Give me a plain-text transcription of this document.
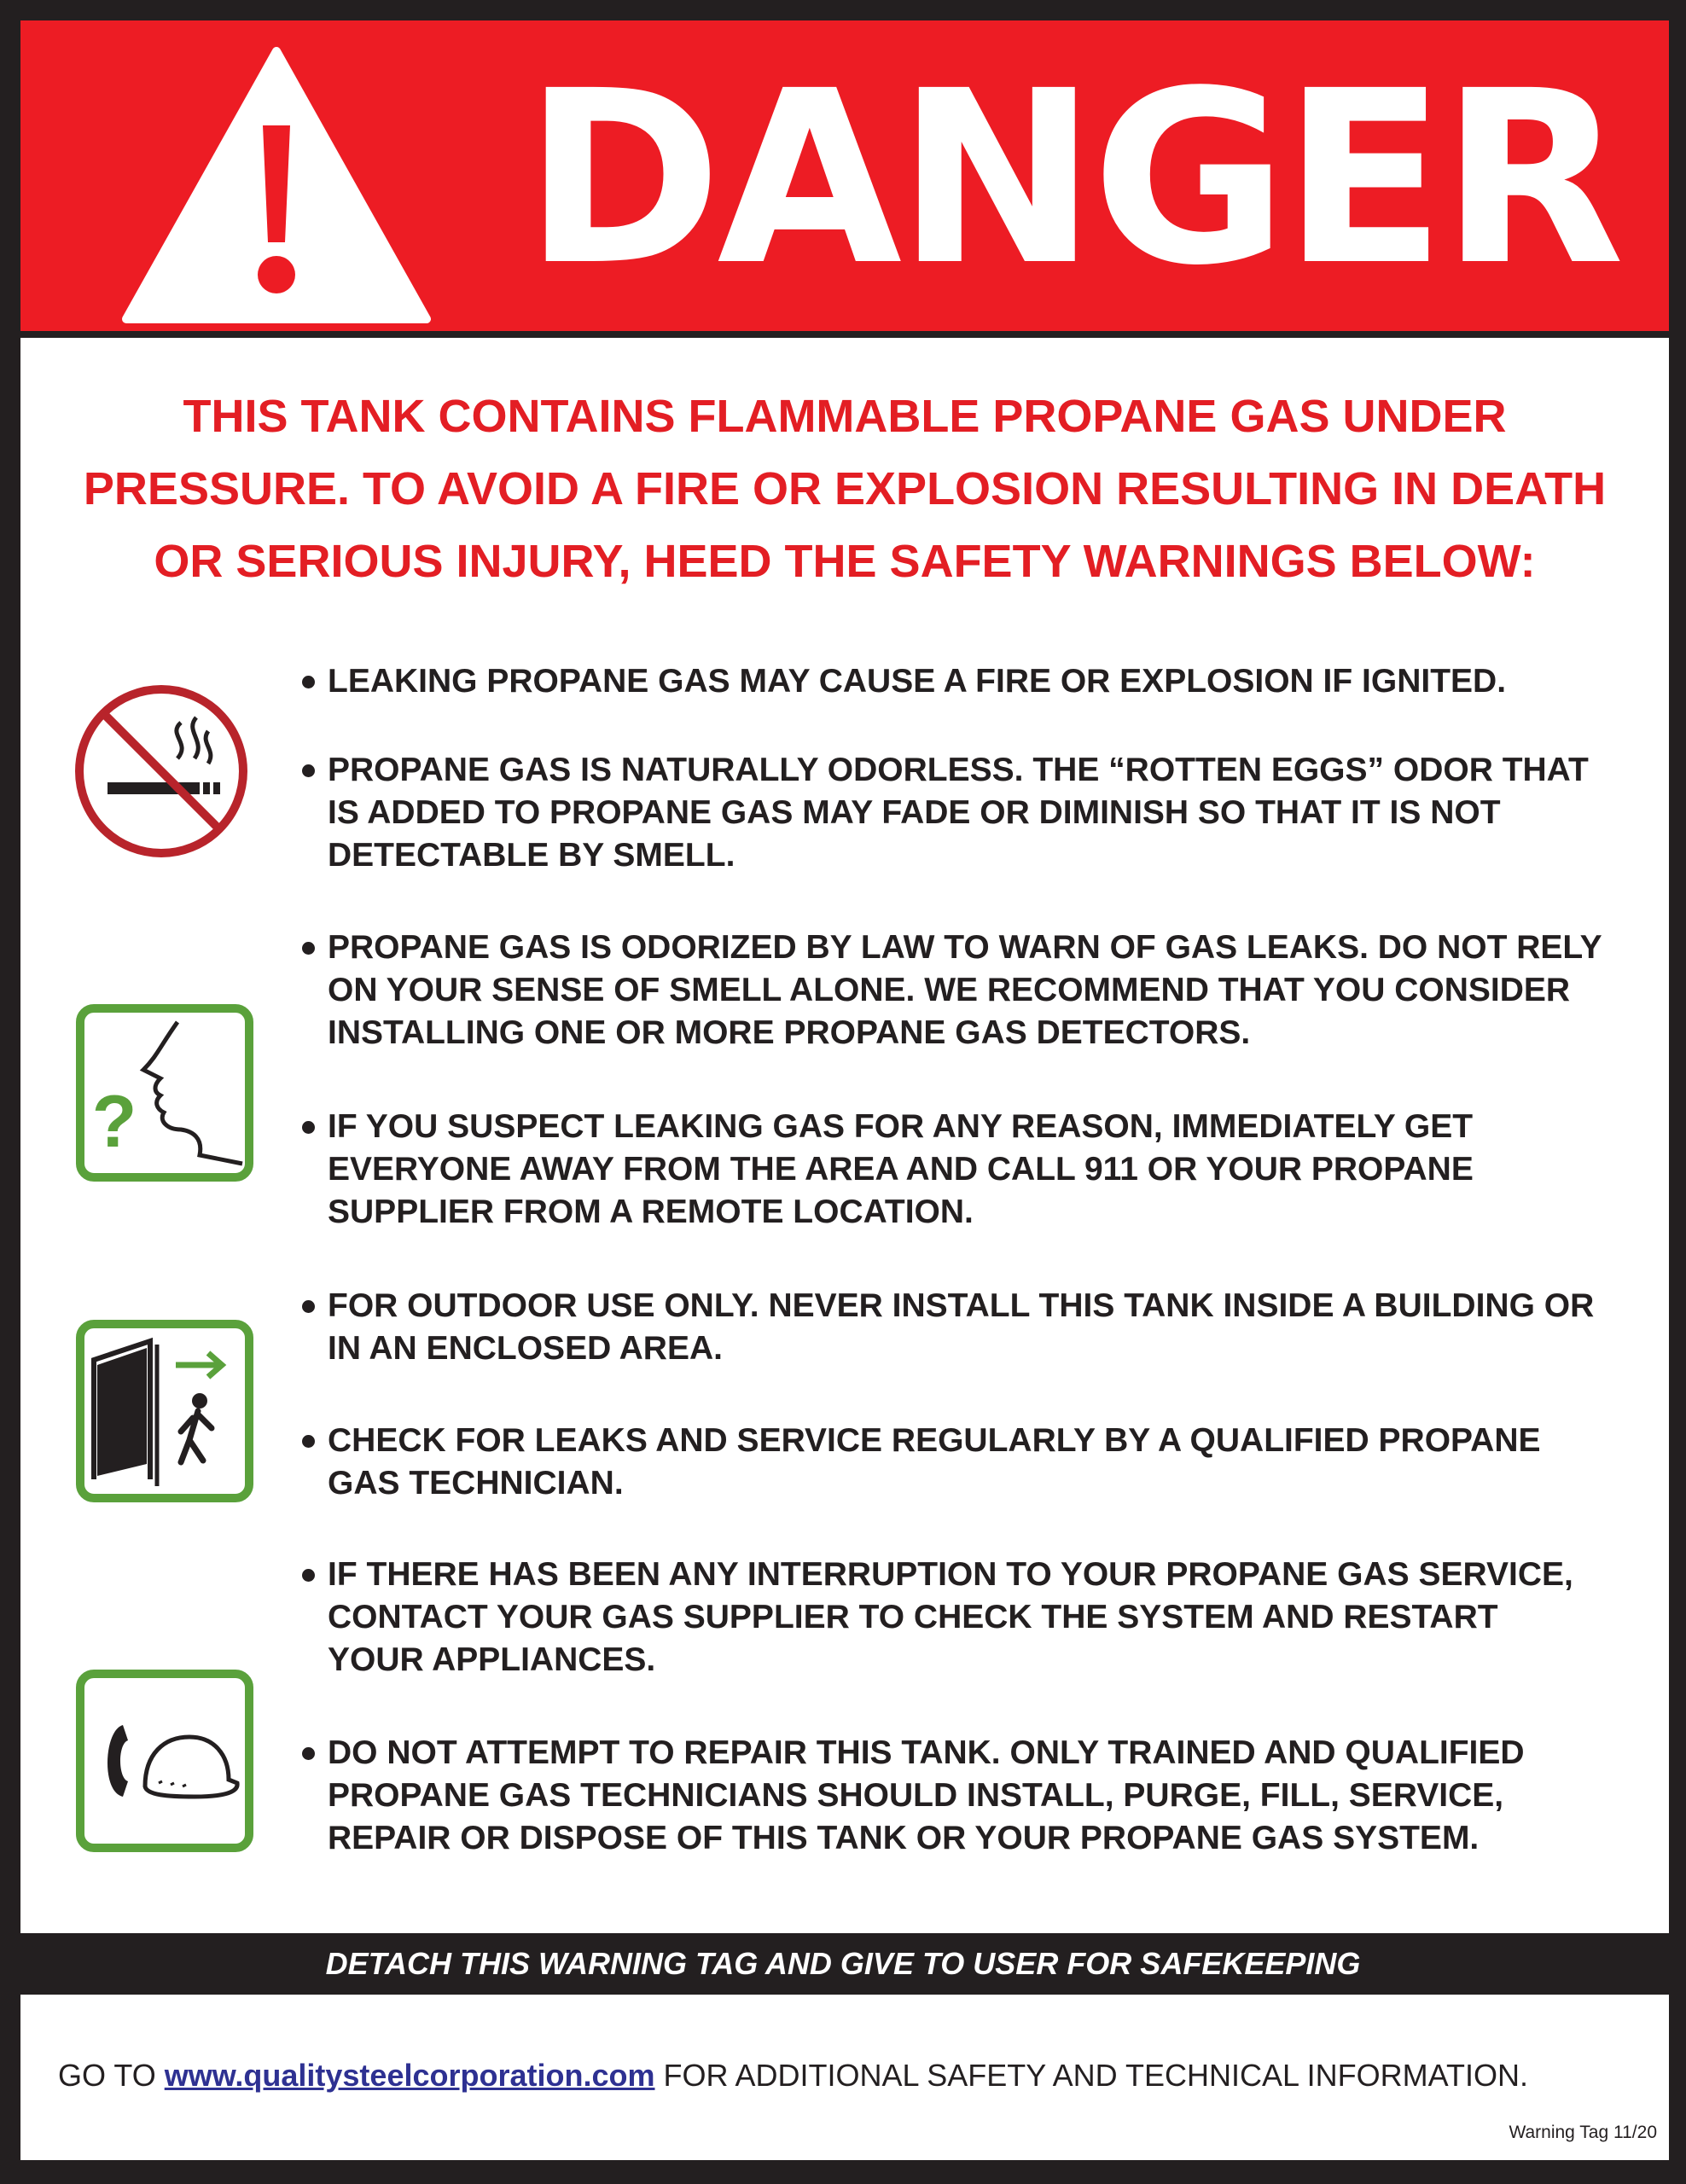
DANGER
THIS TANK CONTAINS FLAMMABLE PROPANE GAS UNDER
PRESSURE. TO AVOID A FIRE OR EXPLOSION RESULTING IN DEATH
OR SERIOUS INJURY, HEED THE SAFETY WARNINGS BELOW:
?
LEAKING PROPANE GAS MAY CAUSE A FIRE OR EXPLOSION IF IGNITED.
PROPANE GAS IS NATURALLY ODORLESS. THE “ROTTEN EGGS” ODOR THAT
IS ADDED TO PROPANE GAS MAY FADE OR DIMINISH SO THAT IT IS NOT
DETECTABLE BY SMELL.
PROPANE GAS IS ODORIZED BY LAW TO WARN OF GAS LEAKS. DO NOT RELY
ON YOUR SENSE OF SMELL ALONE. WE RECOMMEND THAT YOU CONSIDER
INSTALLING ONE OR MORE PROPANE GAS DETECTORS.
IF YOU SUSPECT LEAKING GAS FOR ANY REASON, IMMEDIATELY GET
EVERYONE AWAY FROM THE AREA AND CALL 911 OR YOUR PROPANE
SUPPLIER FROM A REMOTE LOCATION.
FOR OUTDOOR USE ONLY. NEVER INSTALL THIS TANK INSIDE A BUILDING OR
IN AN ENCLOSED AREA.
CHECK FOR LEAKS AND SERVICE REGULARLY BY A QUALIFIED PROPANE
GAS TECHNICIAN.
IF THERE HAS BEEN ANY INTERRUPTION TO YOUR PROPANE GAS SERVICE,
CONTACT YOUR GAS SUPPLIER TO CHECK THE SYSTEM AND RESTART
YOUR APPLIANCES.
DO NOT ATTEMPT TO REPAIR THIS TANK. ONLY TRAINED AND QUALIFIED
PROPANE GAS TECHNICIANS SHOULD INSTALL, PURGE, FILL, SERVICE,
REPAIR OR DISPOSE OF THIS TANK OR YOUR PROPANE GAS SYSTEM.
DETACH THIS WARNING TAG AND GIVE TO USER FOR SAFEKEEPING
GO TO www.qualitysteelcorporation.com FOR ADDITIONAL SAFETY AND TECHNICAL INFORMATION.
Warning Tag 11/20
